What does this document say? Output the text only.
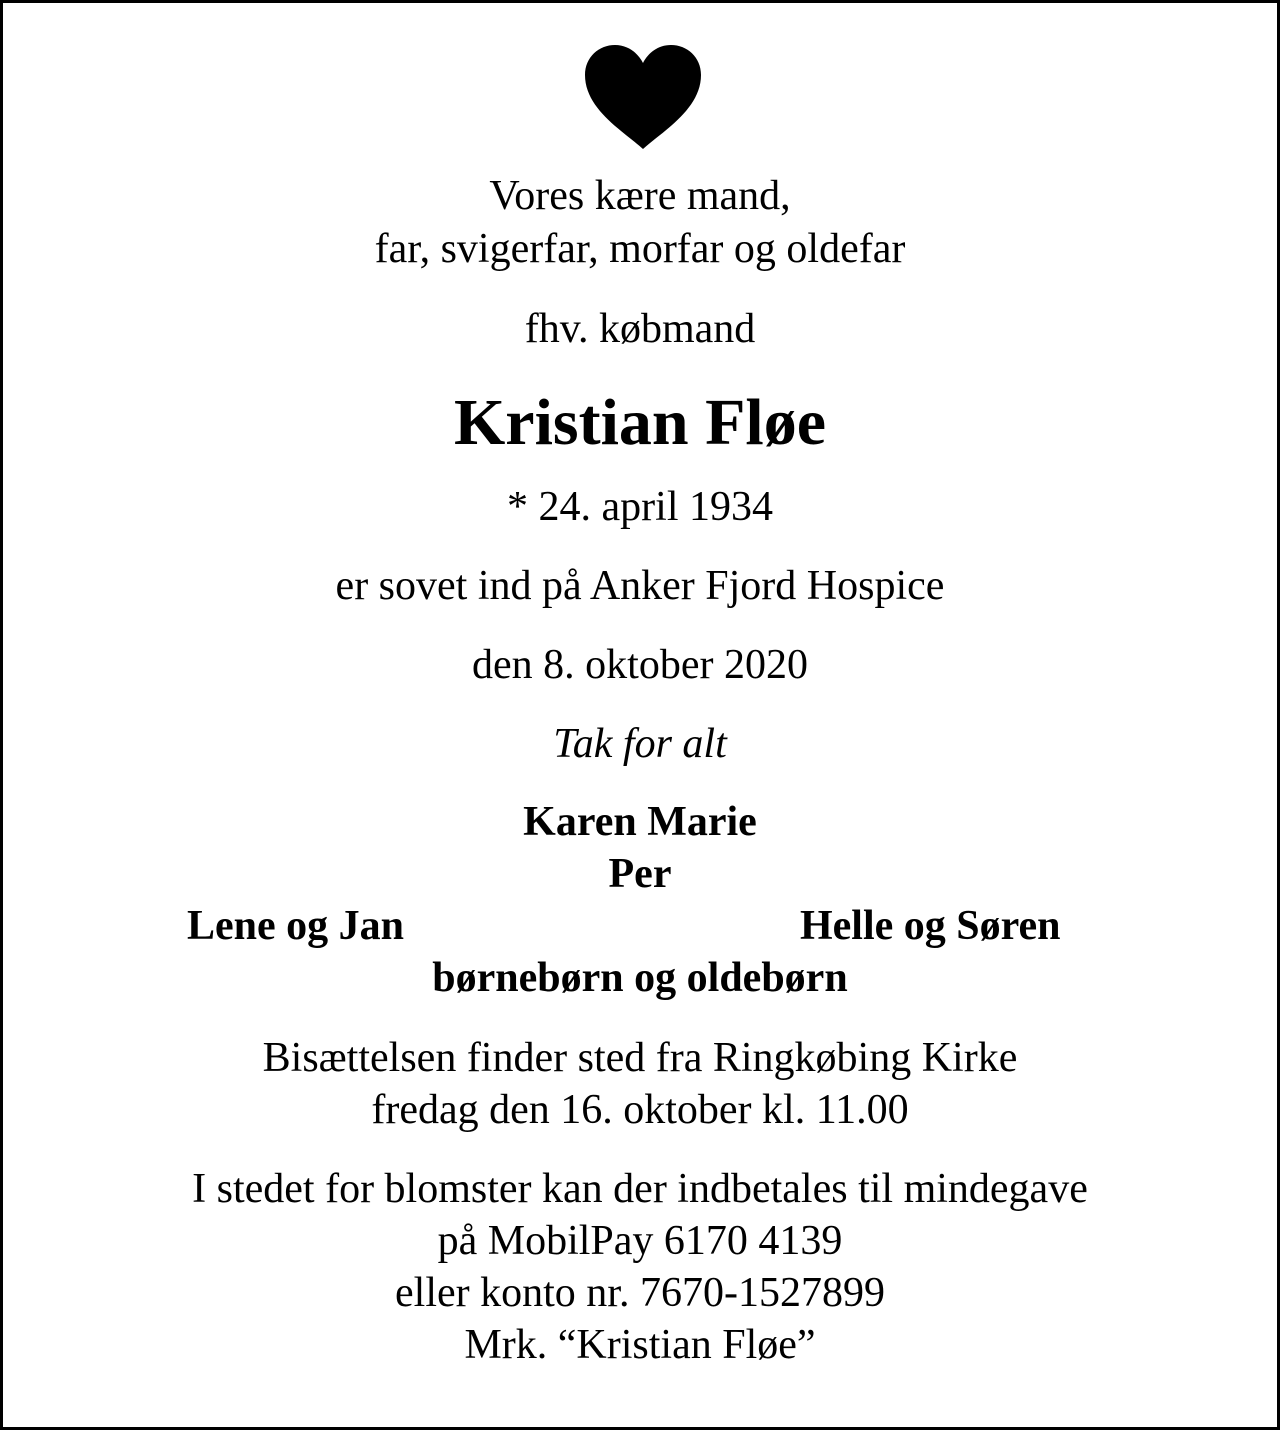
Vores kære mand,
far, svigerfar, morfar og oldefar
fhv. købmand
Kristian Fløe
* 24. april 1934
er sovet ind på Anker Fjord Hospice
den 8. oktober 2020
Tak for alt
Karen Marie
Per
Lene og Jan	Helle og Søren
børnebørn og oldebørn
Bisættelsen finder sted fra Ringkøbing Kirke
fredag den 16. oktober kl. 11.00
I stedet for blomster kan der indbetales til mindegave
på MobilPay 6170 4139
eller konto nr. 7670-1527899
Mrk. “Kristian Fløe”
